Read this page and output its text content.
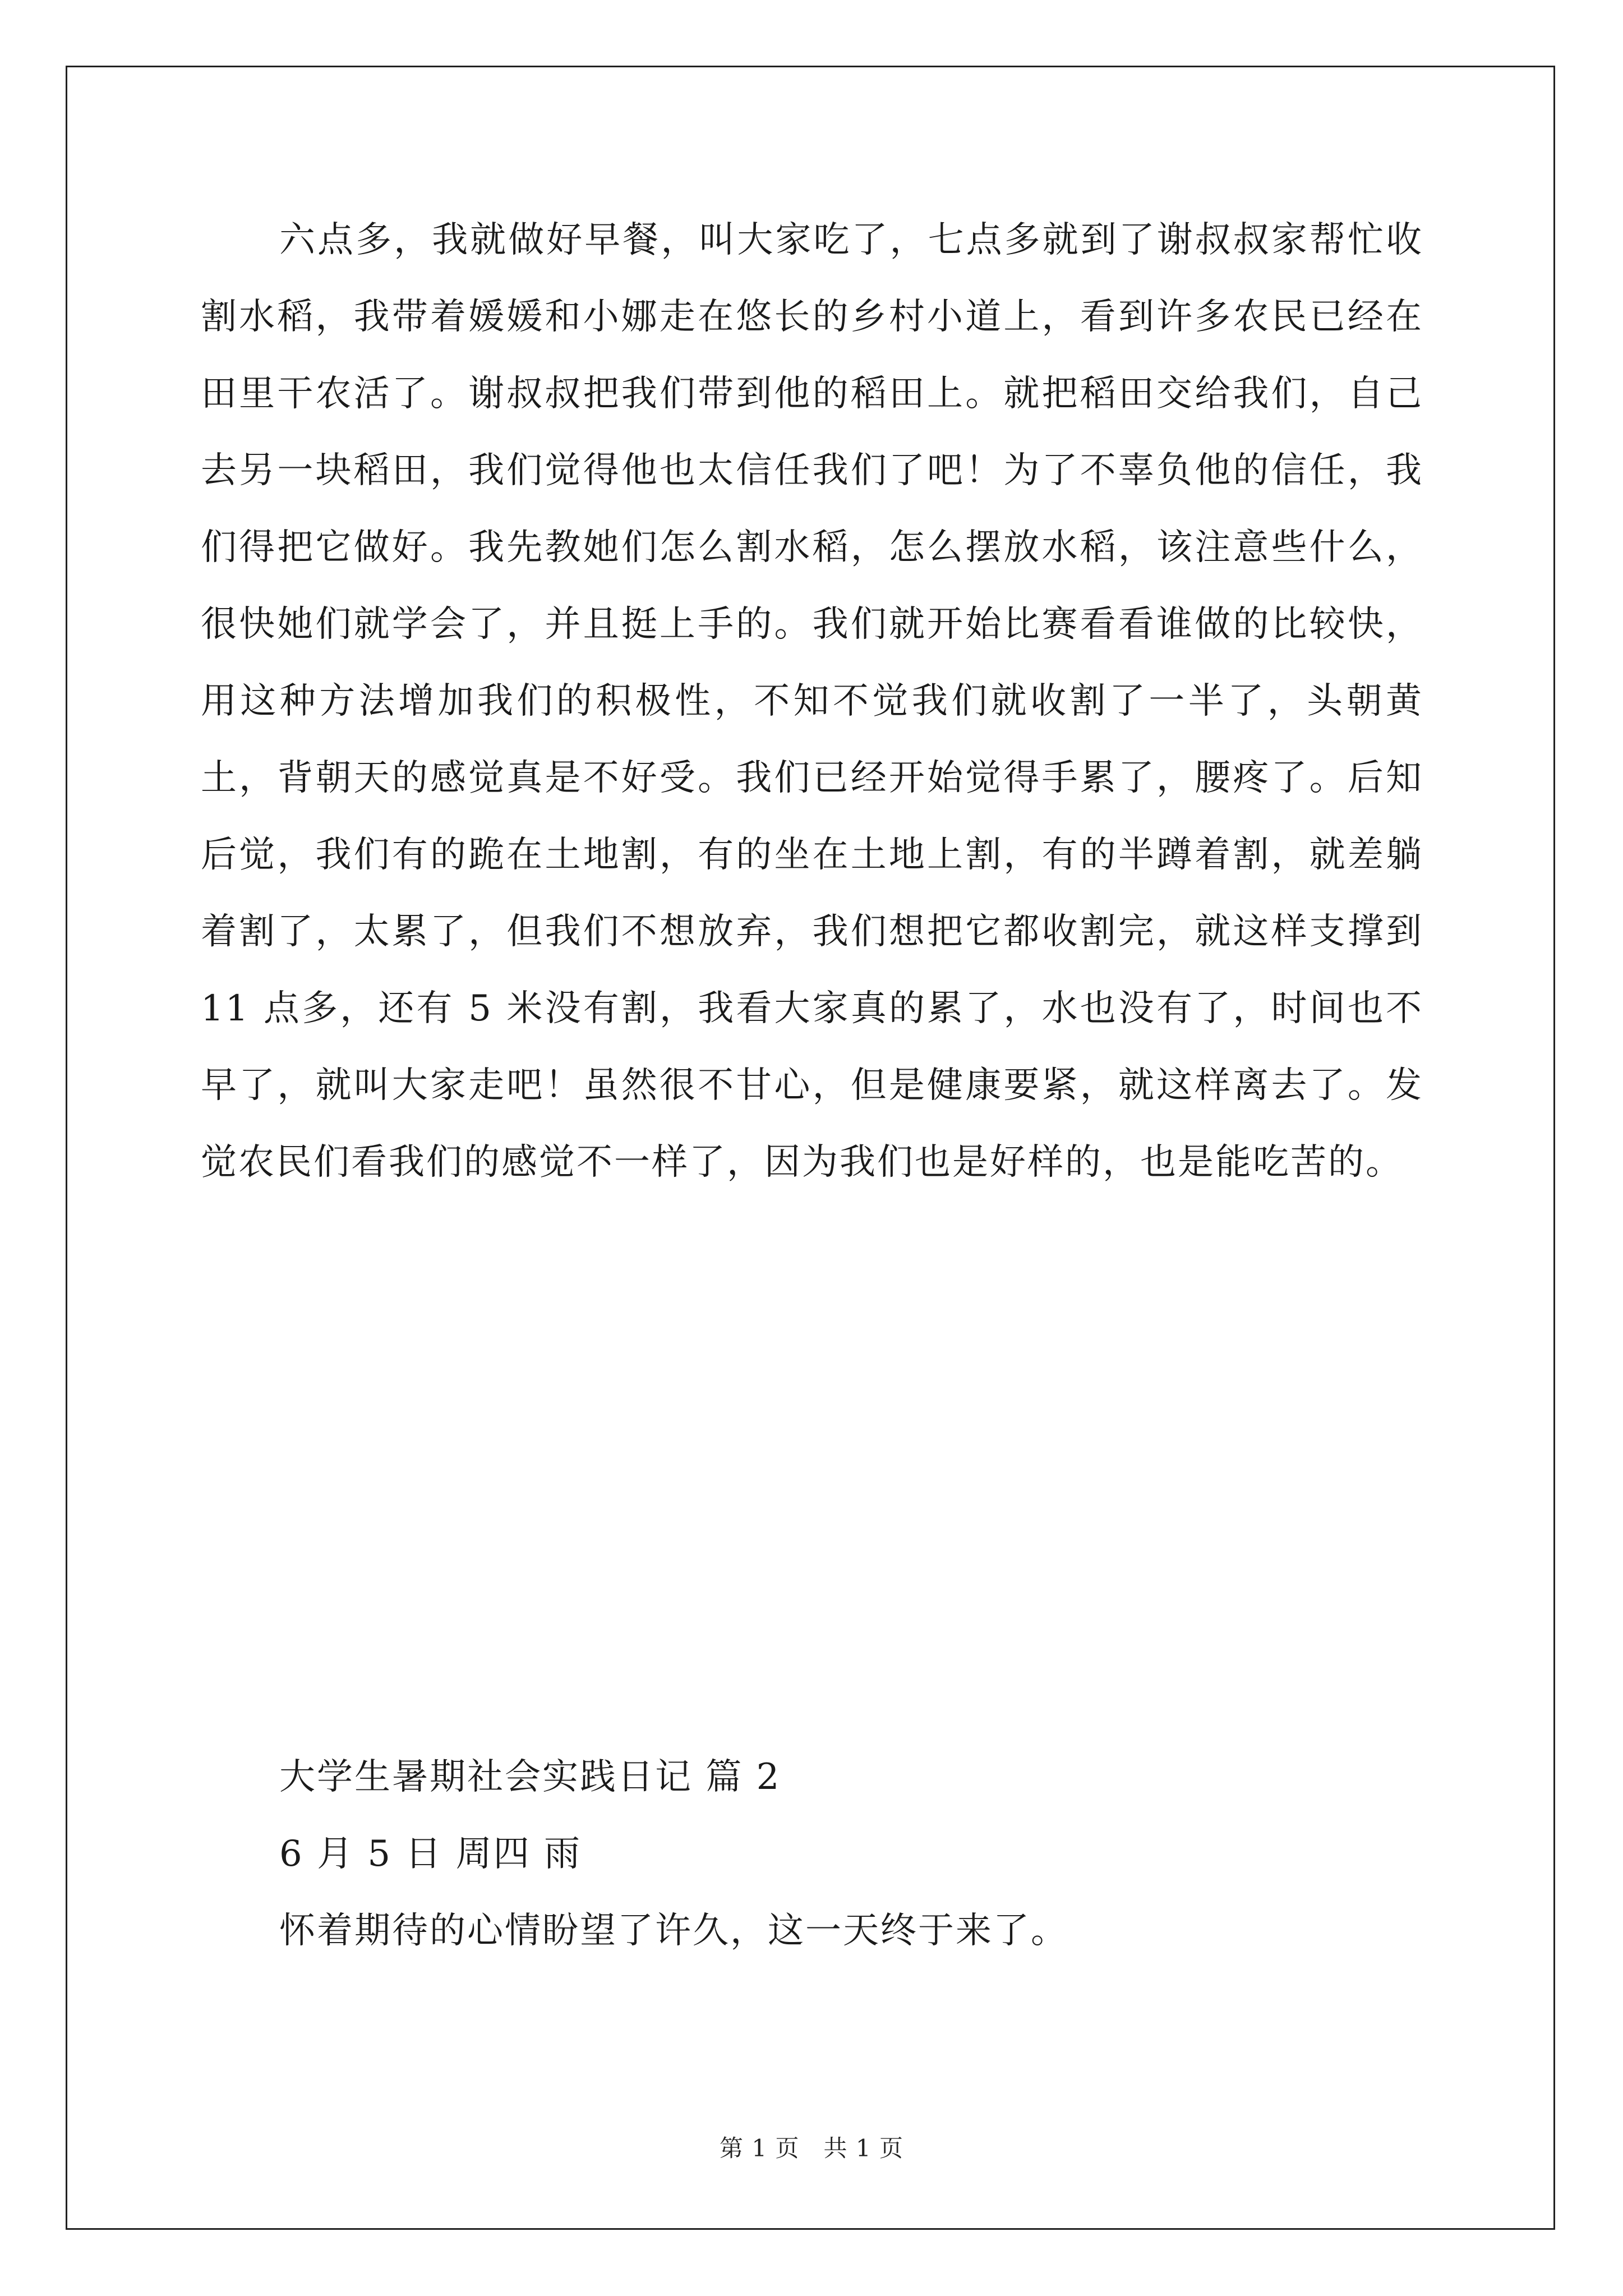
六点多，我就做好早餐，叫大家吃了，七点多就到了谢叔叔家帮忙收割水稻，我带着媛媛和小娜走在悠长的乡村小道上，看到许多农民已经在田里干农活了。谢叔叔把我们带到他的稻田上。就把稻田交给我们，自己去另一块稻田，我们觉得他也太信任我们了吧！为了不辜负他的信任，我们得把它做好。我先教她们怎么割水稻，怎么摆放水稻，该注意些什么，很快她们就学会了，并且挺上手的。我们就开始比赛看看谁做的比较快，用这种方法增加我们的积极性，不知不觉我们就收割了一半了，头朝黄土，背朝天的感觉真是不好受。我们已经开始觉得手累了，腰疼了。后知后觉，我们有的跪在土地割，有的坐在土地上割，有的半蹲着割，就差躺着割了，太累了，但我们不想放弃，我们想把它都收割完，就这样支撑到 11 点多，还有 5 米没有割，我看大家真的累了，水也没有了，时间也不早了，就叫大家走吧！虽然很不甘心，但是健康要紧，就这样离去了。发觉农民们看我们的感觉不一样了，因为我们也是好样的，也是能吃苦的。

大学生暑期社会实践日记 篇 2

6 月 5 日 周四 雨

怀着期待的心情盼望了许久，这一天终于来了。

第 1 页   共 1 页
